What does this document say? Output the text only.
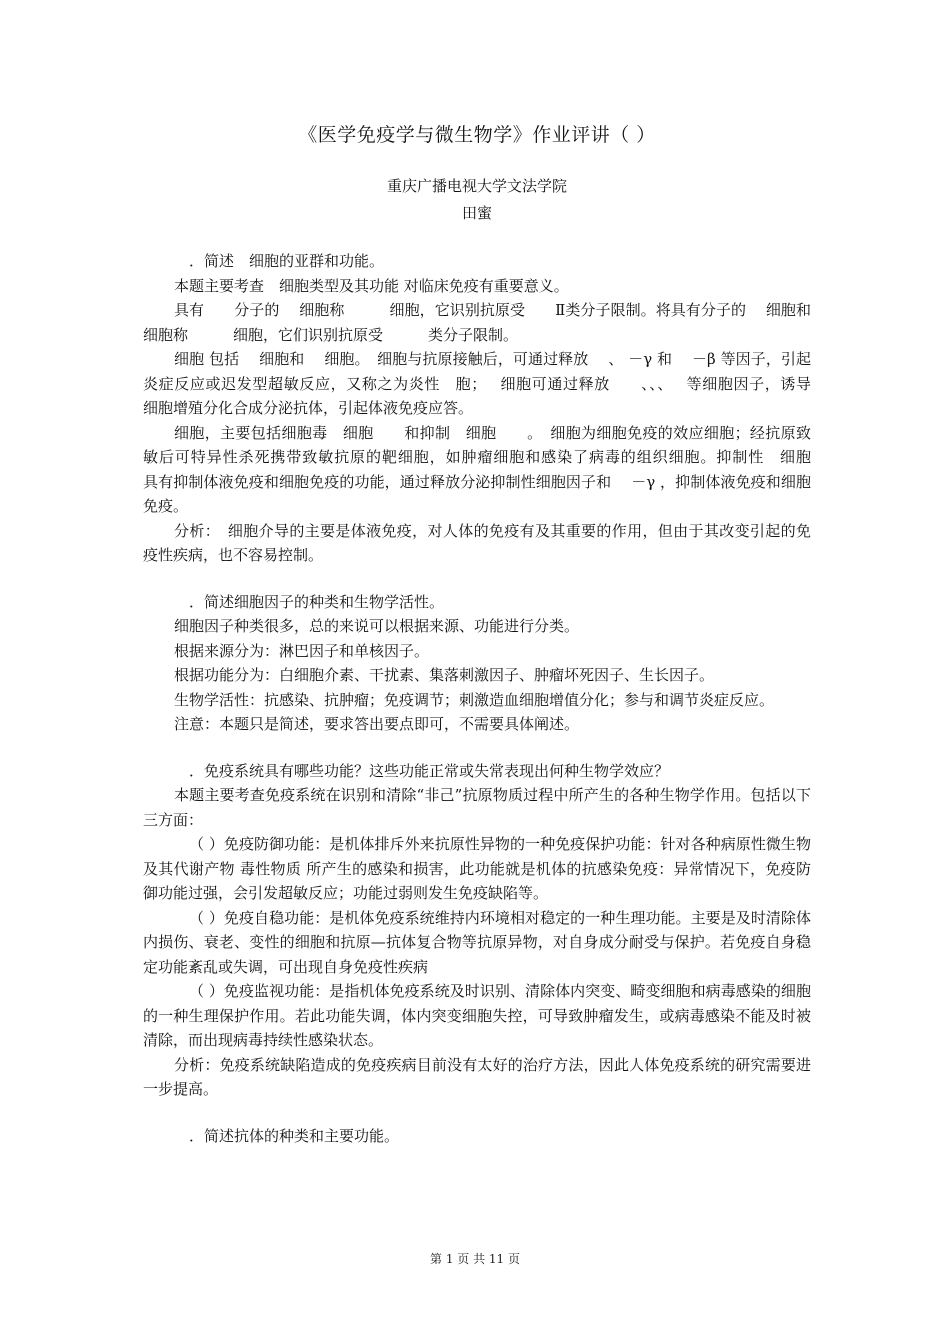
《医学免疫学与微生物学》作业评讲（ ）
重庆广播电视大学文法学院
田蜜

．简述　细胞的亚群和功能。

本题主要考查　细胞类型及其功能 对临床免疫有重要意义。

具有　　分子的　 细胞称　　　细胞，它识别抗原受　　Ⅱ类分子限制。将具有分子的　 细胞和　 细胞称　　　细胞，它们识别抗原受　　　类分子限制。

细胞 包括　 细胞和　 细胞。　细胞与抗原接触后，可通过释放　 、 －γ 和　 －β 等因子，引起炎症反应或迟发型超敏反应，又称之为炎性　胞；　 细胞可通过释放　　、、、　 等细胞因子，诱导　细胞增殖分化合成分泌抗体，引起体液免疫应答。

细胞，主要包括细胞毒　细胞　　和抑制　细胞　　。　细胞为细胞免疫的效应细胞；经抗原致敏后可特异性杀死携带致敏抗原的靶细胞，如肿瘤细胞和感染了病毒的组织细胞。抑制性　细胞　　具有抑制体液免疫和细胞免疫的功能，通过释放分泌抑制性细胞因子和　 －γ ，抑制体液免疫和细胞免疫。

分析：　细胞介导的主要是体液免疫，对人体的免疫有及其重要的作用，但由于其改变引起的免疫性疾病，也不容易控制。

．简述细胞因子的种类和生物学活性。

细胞因子种类很多，总的来说可以根据来源、功能进行分类。

根据来源分为：淋巴因子和单核因子。

根据功能分为：白细胞介素、干扰素、集落刺激因子、肿瘤坏死因子、生长因子。

生物学活性：抗感染、抗肿瘤；免疫调节；刺激造血细胞增值分化；参与和调节炎症反应。

注意：本题只是简述，要求答出要点即可，不需要具体阐述。

．免疫系统具有哪些功能？这些功能正常或失常表现出何种生物学效应？

本题主要考查免疫系统在识别和清除“非己”抗原物质过程中所产生的各种生物学作用。包括以下三方面：

（ ）免疫防御功能：是机体排斥外来抗原性异物的一种免疫保护功能：针对各种病原性微生物及其代谢产物 毒性物质 所产生的感染和损害，此功能就是机体的抗感染免疫：异常情况下，免疫防御功能过强，会引发超敏反应；功能过弱则发生免疫缺陷等。

（ ）免疫自稳功能：是机体免疫系统维持内环境相对稳定的一种生理功能。主要是及时清除体内损伤、衰老、变性的细胞和抗原—抗体复合物等抗原异物，对自身成分耐受与保护。若免疫自身稳定功能紊乱或失调，可出现自身免疫性疾病

（ ）免疫监视功能：是指机体免疫系统及时识别、清除体内突变、畸变细胞和病毒感染的细胞的一种生理保护作用。若此功能失调，体内突变细胞失控，可导致肿瘤发生，或病毒感染不能及时被清除，而出现病毒持续性感染状态。

分析：免疫系统缺陷造成的免疫疾病目前没有太好的治疗方法，因此人体免疫系统的研究需要进一步提高。

．简述抗体的种类和主要功能。

第 1 页 共 11 页
